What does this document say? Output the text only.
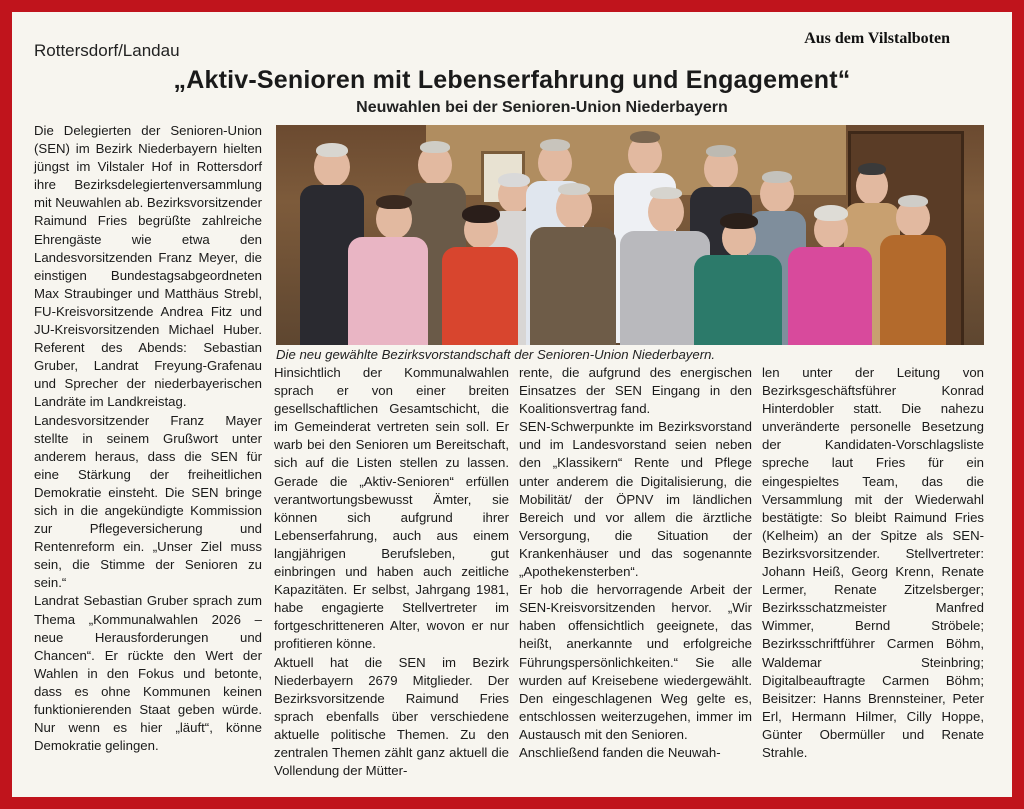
Aus dem Vilstalboten
Rottersdorf/Landau
„Aktiv-Senioren mit Lebenserfahrung und Engagement“
Neuwahlen bei der Senioren-Union Niederbayern

Die Delegierten der Senioren-Union (SEN) im Bezirk Niederbayern hielten jüngst im Vilstaler Hof in Rottersdorf ihre Bezirksdelegiertenversammlung mit Neuwahlen ab. Bezirksvorsitzender Raimund Fries begrüßte zahlreiche Ehrengäste wie etwa den Landesvorsitzenden Franz Meyer, die einstigen Bundestagsabgeordneten Max Straubinger und Matthäus Strebl, FU-Kreisvorsitzende Andrea Fitz und JU-Kreisvorsitzenden Michael Huber. Referent des Abends: Sebastian Gruber, Landrat Freyung-Grafenau und Sprecher der niederbayerischen Landräte im Landkreistag.

Landesvorsitzender Franz Mayer stellte in seinem Grußwort unter anderem heraus, dass die SEN für eine Stärkung der freiheitlichen Demokratie einsteht. Die SEN bringe sich in die angekündigte Kommission zur Pflegeversicherung und Rentenreform ein. „Unser Ziel muss sein, die Stimme der Senioren zu sein.“

Landrat Sebastian Gruber sprach zum Thema „Kommunalwahlen 2026 – neue Herausforderungen und Chancen“. Er rückte den Wert der Wahlen in den Fokus und betonte, dass es ohne Kommunen keinen funktionierenden Staat geben würde. Nur wenn es hier „läuft“, könne Demokratie gelingen.

Die neu gewählte Bezirksvorstandschaft der Senioren-Union Niederbayern.

Hinsichtlich der Kommunalwahlen sprach er von einer breiten gesellschaftlichen Gesamtschicht, die im Gemeinderat vertreten sein soll. Er warb bei den Senioren um Bereitschaft, sich auf die Listen stellen zu lassen. Gerade die „Aktiv-Senioren“ erfüllen verantwortungsbewusst Ämter, sie können sich aufgrund ihrer Lebenserfahrung, auch aus einem langjährigen Berufsleben, gut einbringen und haben auch zeitliche Kapazitäten. Er selbst, Jahrgang 1981, habe engagierte Stellvertreter im fortgeschritteneren Alter, wovon er nur profitieren könne.

Aktuell hat die SEN im Bezirk Niederbayern 2679 Mitglieder. Der Bezirksvorsitzende Raimund Fries sprach ebenfalls über verschiedene aktuelle politische Themen. Zu den zentralen Themen zählt ganz aktuell die Vollendung der Mütter-

rente, die aufgrund des energischen Einsatzes der SEN Eingang in den Koalitionsvertrag fand.

SEN-Schwerpunkte im Bezirksvorstand und im Landesvorstand seien neben den „Klassikern“ Rente und Pflege unter anderem die Digitalisierung, die Mobilität/ der ÖPNV im ländlichen Bereich und vor allem die ärztliche Versorgung, die Situation der Krankenhäuser und das sogenannte „Apothekensterben“.

Er hob die hervorragende Arbeit der SEN-Kreisvorsitzenden hervor. „Wir haben offensichtlich geeignete, das heißt, anerkannte und erfolgreiche Führungspersönlichkeiten.“ Sie alle wurden auf Kreisebene wiedergewählt. Den eingeschlagenen Weg gelte es, entschlossen weiterzugehen, immer im Austausch mit den Senioren.

Anschließend fanden die Neuwah-

len unter der Leitung von Bezirksgeschäftsführer Konrad Hinterdobler statt. Die nahezu unveränderte personelle Besetzung der Kandidaten-Vorschlagsliste spreche laut Fries für ein eingespieltes Team, das die Versammlung mit der Wiederwahl bestätigte: So bleibt Raimund Fries (Kelheim) an der Spitze als SEN-Bezirksvorsitzender. Stellvertreter: Johann Heiß, Georg Krenn, Renate Lermer, Renate Zitzelsberger; Bezirksschatzmeister Manfred Wimmer, Bernd Ströbele; Bezirksschriftführer Carmen Böhm, Waldemar Steinbring; Digitalbeauftragte Carmen Böhm; Beisitzer: Hanns Brennsteiner, Peter Erl, Hermann Hilmer, Cilly Hoppe, Günter Obermüller und Renate Strahle.
